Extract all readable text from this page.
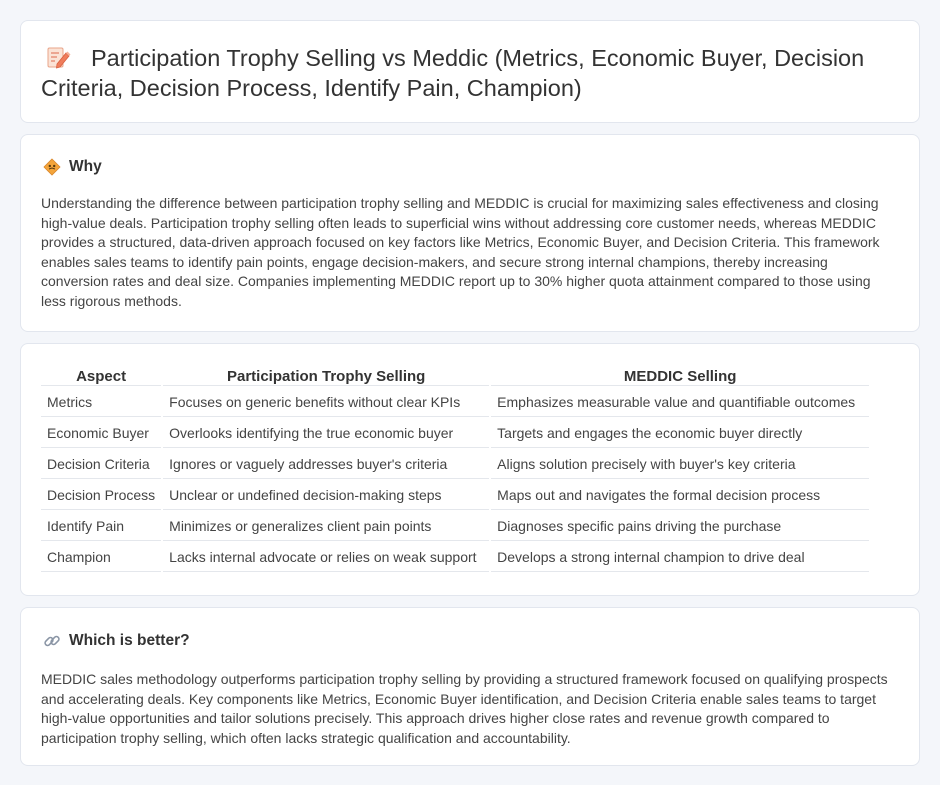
Participation Trophy Selling vs Meddic (Metrics, Economic Buyer, Decision Criteria, Decision Process, Identify Pain, Champion)
Why

Understanding the difference between participation trophy selling and MEDDIC is crucial for maximizing sales effectiveness and closing high-value deals. Participation trophy selling often leads to superficial wins without addressing core customer needs, whereas MEDDIC provides a structured, data-driven approach focused on key factors like Metrics, Economic Buyer, and Decision Criteria. This framework enables sales teams to identify pain points, engage decision-makers, and secure strong internal champions, thereby increasing conversion rates and deal size. Companies implementing MEDDIC report up to 30% higher quota attainment compared to those using less rigorous methods.

Aspect	Participation Trophy Selling	MEDDIC Selling
Metrics	Focuses on generic benefits without clear KPIs	Emphasizes measurable value and quantifiable outcomes
Economic Buyer	Overlooks identifying the true economic buyer	Targets and engages the economic buyer directly
Decision Criteria	Ignores or vaguely addresses buyer's criteria	Aligns solution precisely with buyer's key criteria
Decision Process	Unclear or undefined decision-making steps	Maps out and navigates the formal decision process
Identify Pain	Minimizes or generalizes client pain points	Diagnoses specific pains driving the purchase
Champion	Lacks internal advocate or relies on weak support	Develops a strong internal champion to drive deal
Which is better?

MEDDIC sales methodology outperforms participation trophy selling by providing a structured framework focused on qualifying prospects and accelerating deals. Key components like Metrics, Economic Buyer identification, and Decision Criteria enable sales teams to target high-value opportunities and tailor solutions precisely. This approach drives higher close rates and revenue growth compared to participation trophy selling, which often lacks strategic qualification and accountability.
